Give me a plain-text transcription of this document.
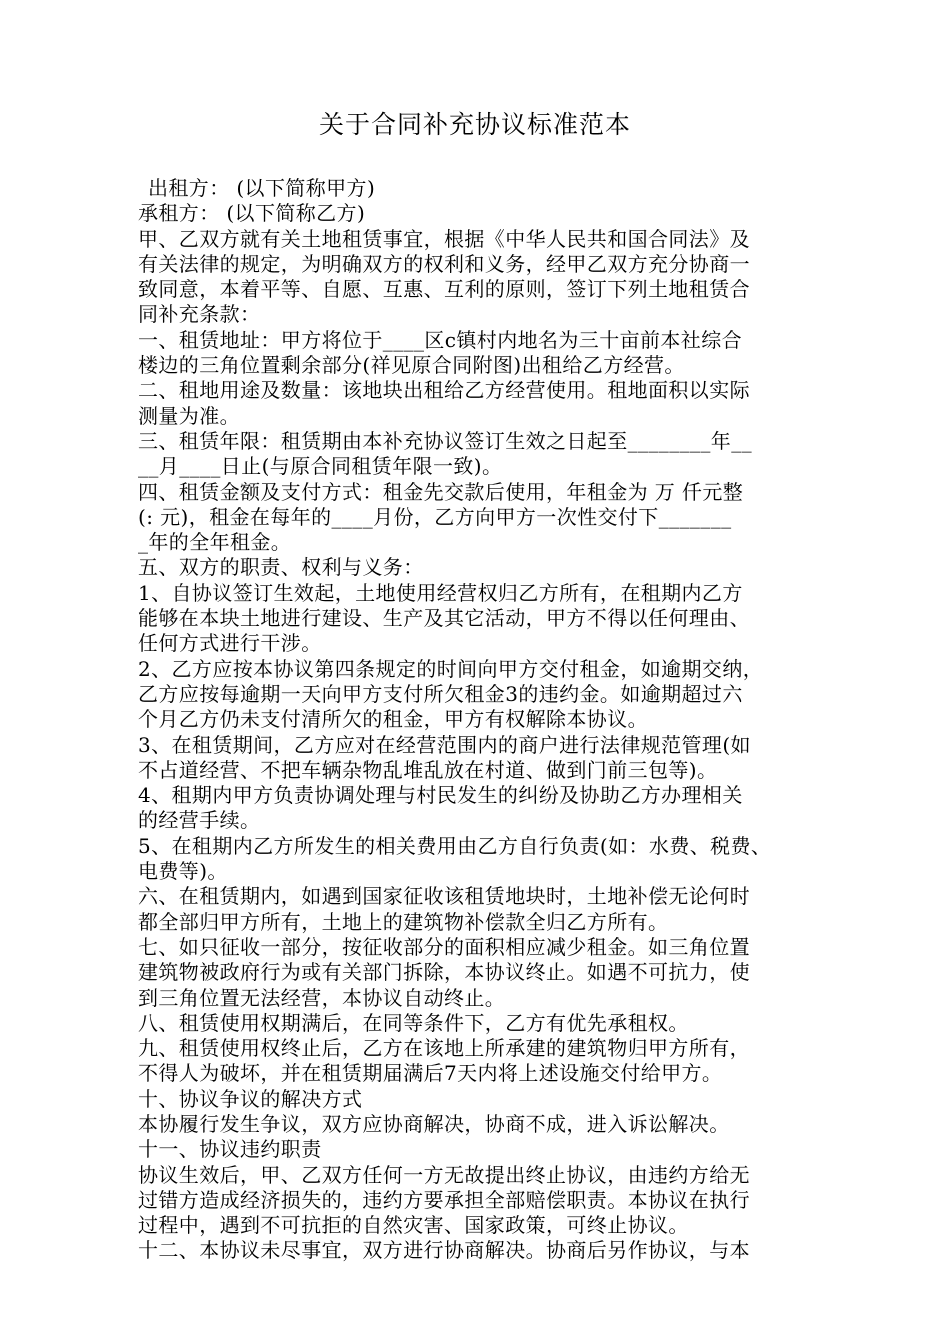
关于合同补充协议标准范本
出租方： (以下简称甲方)
承租方： (以下简称乙方)
甲、乙双方就有关土地租赁事宜，根据《中华人民共和国合同法》及
有关法律的规定，为明确双方的权利和义务，经甲乙双方充分协商一
致同意，本着平等、自愿、互惠、互利的原则，签订下列土地租赁合
同补充条款：
一、租赁地址：甲方将位于____区c镇村内地名为三十亩前本社综合
楼边的三角位置剩余部分(祥见原合同附图)出租给乙方经营。
二、租地用途及数量：该地块出租给乙方经营使用。租地面积以实际
测量为准。
三、租赁年限：租赁期由本补充协议签订生效之日起至________年__
__月____日止(与原合同租赁年限一致)。
四、租赁金额及支付方式：租金先交款后使用，年租金为 万 仟元整
(: 元)，租金在每年的____月份，乙方向甲方一次性交付下_______
_年的全年租金。
五、双方的职责、权利与义务：
1、自协议签订生效起，土地使用经营权归乙方所有，在租期内乙方
能够在本块土地进行建设、生产及其它活动，甲方不得以任何理由、
任何方式进行干涉。
2、乙方应按本协议第四条规定的时间向甲方交付租金，如逾期交纳，
乙方应按每逾期一天向甲方支付所欠租金3的违约金。如逾期超过六
个月乙方仍未支付清所欠的租金，甲方有权解除本协议。
3、在租赁期间，乙方应对在经营范围内的商户进行法律规范管理(如
不占道经营、不把车辆杂物乱堆乱放在村道、做到门前三包等)。
4、租期内甲方负责协调处理与村民发生的纠纷及协助乙方办理相关
的经营手续。
5、在租期内乙方所发生的相关费用由乙方自行负责(如：水费、税费、
电费等)。
六、在租赁期内，如遇到国家征收该租赁地块时，土地补偿无论何时
都全部归甲方所有，土地上的建筑物补偿款全归乙方所有。
七、如只征收一部分，按征收部分的面积相应减少租金。如三角位置
建筑物被政府行为或有关部门拆除，本协议终止。如遇不可抗力，使
到三角位置无法经营，本协议自动终止。
八、租赁使用权期满后，在同等条件下，乙方有优先承租权。
九、租赁使用权终止后，乙方在该地上所承建的建筑物归甲方所有，
不得人为破坏，并在租赁期届满后7天内将上述设施交付给甲方。
十、协议争议的解决方式
本协履行发生争议，双方应协商解决，协商不成，进入诉讼解决。
十一、协议违约职责
协议生效后，甲、乙双方任何一方无故提出终止协议，由违约方给无
过错方造成经济损失的，违约方要承担全部赔偿职责。本协议在执行
过程中，遇到不可抗拒的自然灾害、国家政策，可终止协议。
十二、本协议未尽事宜，双方进行协商解决。协商后另作协议，与本
